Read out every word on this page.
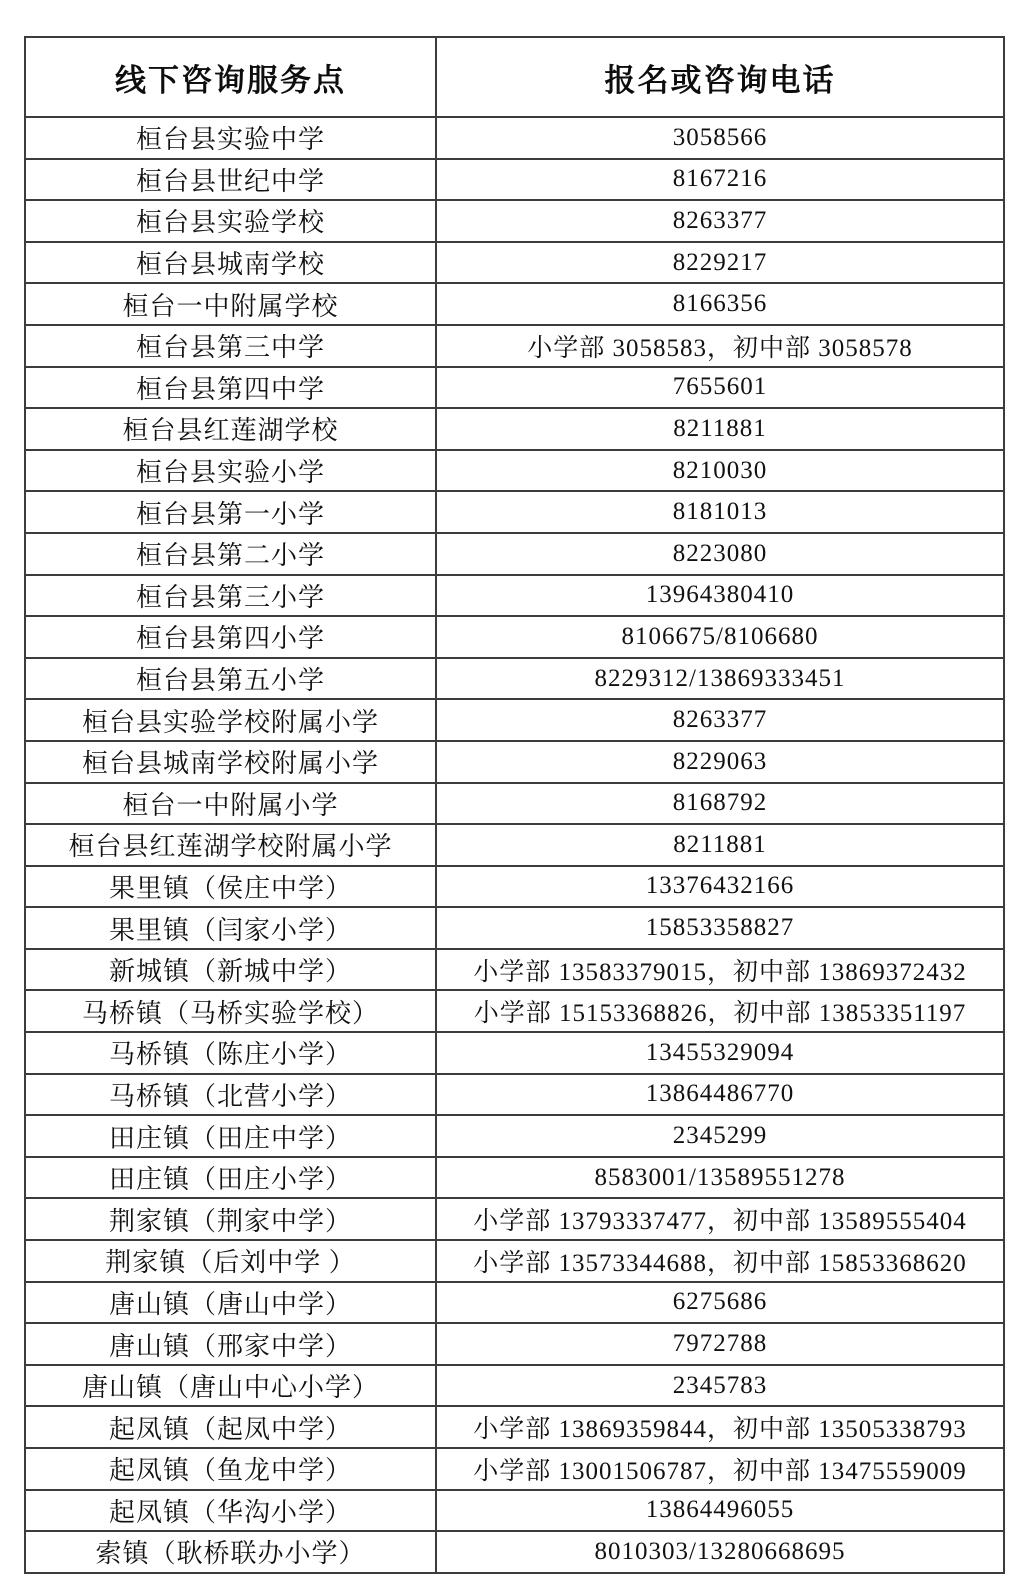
线下咨询服务点	报名或咨询电话
桓台县实验中学	3058566
桓台县世纪中学	8167216
桓台县实验学校	8263377
桓台县城南学校	8229217
桓台一中附属学校	8166356
桓台县第三中学	小学部 3058583，初中部 3058578
桓台县第四中学	7655601
桓台县红莲湖学校	8211881
桓台县实验小学	8210030
桓台县第一小学	8181013
桓台县第二小学	8223080
桓台县第三小学	13964380410
桓台县第四小学	8106675/8106680
桓台县第五小学	8229312/13869333451
桓台县实验学校附属小学	8263377
桓台县城南学校附属小学	8229063
桓台一中附属小学	8168792
桓台县红莲湖学校附属小学	8211881
果里镇（侯庄中学）	13376432166
果里镇（闫家小学）	15853358827
新城镇（新城中学）	小学部 13583379015，初中部 13869372432
马桥镇（马桥实验学校）	小学部 15153368826，初中部 13853351197
马桥镇（陈庄小学）	13455329094
马桥镇（北营小学）	13864486770
田庄镇（田庄中学）	2345299
田庄镇（田庄小学）	8583001/13589551278
荆家镇（荆家中学）	小学部 13793337477，初中部 13589555404
荆家镇（后刘中学 ）	小学部 13573344688，初中部 15853368620
唐山镇（唐山中学）	6275686
唐山镇（邢家中学）	7972788
唐山镇（唐山中心小学）	2345783
起凤镇（起凤中学）	小学部 13869359844，初中部 13505338793
起凤镇（鱼龙中学）	小学部 13001506787，初中部 13475559009
起凤镇（华沟小学）	13864496055
索镇（耿桥联办小学）	8010303/13280668695
